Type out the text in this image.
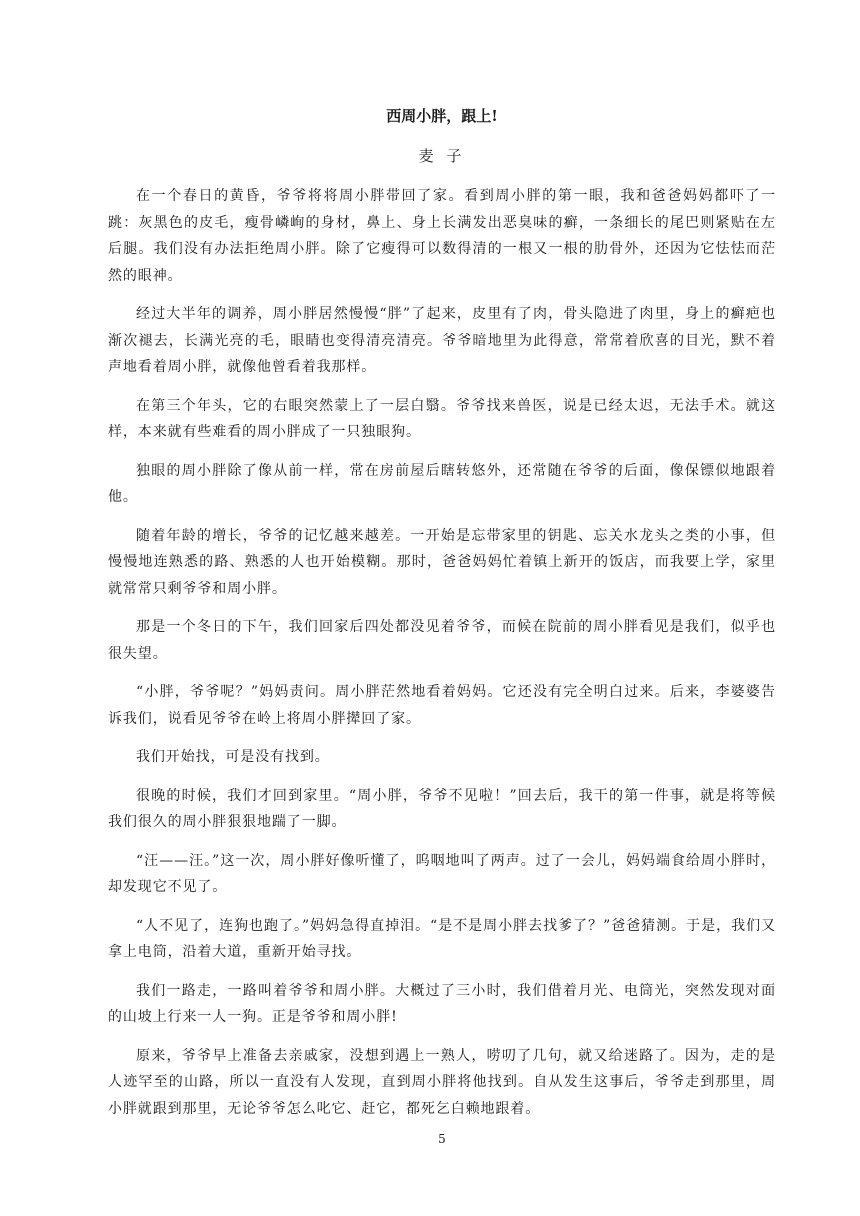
西周小胖，跟上!
麦 子

在一个春日的黄昏，爷爷将将周小胖带回了家。看到周小胖的第一眼，我和爸爸妈妈都吓了一跳：灰黑色的皮毛，瘦骨嶙峋的身材，鼻上、身上长满发出恶臭味的癣，一条细长的尾巴则紧贴在左后腿。我们没有办法拒绝周小胖。除了它瘦得可以数得清的一根又一根的肋骨外，还因为它怯怯而茫然的眼神。

经过大半年的调养，周小胖居然慢慢“胖”了起来，皮里有了肉，骨头隐进了肉里，身上的癣疤也渐次褪去，长满光亮的毛，眼睛也变得清亮清亮。爷爷暗地里为此得意，常常着欣喜的目光，默不着声地看着周小胖，就像他曾看着我那样。

在第三个年头，它的右眼突然蒙上了一层白翳。爷爷找来兽医，说是已经太迟，无法手术。就这样，本来就有些难看的周小胖成了一只独眼狗。

独眼的周小胖除了像从前一样，常在房前屋后瞎转悠外，还常随在爷爷的后面，像保镖似地跟着他。

随着年龄的增长，爷爷的记忆越来越差。一开始是忘带家里的钥匙、忘关水龙头之类的小事，但慢慢地连熟悉的路、熟悉的人也开始模糊。那时，爸爸妈妈忙着镇上新开的饭店，而我要上学，家里就常常只剩爷爷和周小胖。

那是一个冬日的下午，我们回家后四处都没见着爷爷，而候在院前的周小胖看见是我们，似乎也很失望。

“小胖，爷爷呢？”妈妈责问。周小胖茫然地看着妈妈。它还没有完全明白过来。后来，李婆婆告诉我们，说看见爷爷在岭上将周小胖撵回了家。

我们开始找，可是没有找到。

很晚的时候，我们才回到家里。“周小胖，爷爷不见啦！”回去后，我干的第一件事，就是将等候我们很久的周小胖狠狠地踹了一脚。

“汪——汪。”这一次，周小胖好像听懂了，呜咽地叫了两声。过了一会儿，妈妈端食给周小胖时，却发现它不见了。

“人不见了，连狗也跑了。”妈妈急得直掉泪。“是不是周小胖去找爹了？”爸爸猜测。于是，我们又拿上电筒，沿着大道，重新开始寻找。

我们一路走，一路叫着爷爷和周小胖。大概过了三小时，我们借着月光、电筒光，突然发现对面的山坡上行来一人一狗。正是爷爷和周小胖!

原来，爷爷早上准备去亲戚家，没想到遇上一熟人，唠叨了几句，就又给迷路了。因为，走的是人迹罕至的山路，所以一直没有人发现，直到周小胖将他找到。自从发生这事后，爷爷走到那里，周小胖就跟到那里，无论爷爷怎么叱它、赶它，都死乞白赖地跟着。

5
